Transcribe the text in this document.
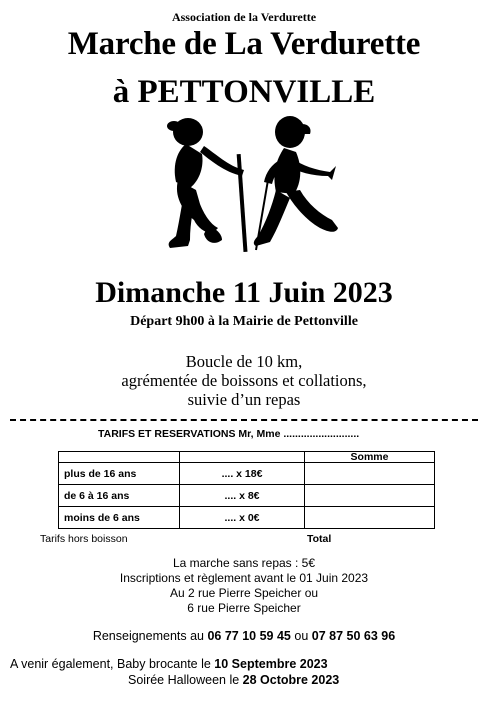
Association de la Verdurette
Marche de La Verdurette
à PETTONVILLE
Dimanche 11 Juin 2023
Départ 9h00 à la Mairie de Pettonville
Boucle de 10 km,
agrémentée de boissons et collations,
suivie d’un repas
TARIFS ET RESERVATIONS Mr, Mme ..........................
		Somme
plus de 16 ans	.... x 18€	
de 6 à 16 ans	.... x 8€	
moins de 6 ans	.... x 0€	
Tarifs hors boisson	Total
La marche sans repas : 5€
Inscriptions et règlement avant le 01 Juin 2023
Au 2 rue Pierre Speicher ou
6 rue Pierre Speicher
Renseignements au 06 77 10 59 45 ou 07 87 50 63 96
A venir également, Baby brocante le 10 Septembre 2023
Soirée Halloween le 28 Octobre 2023
